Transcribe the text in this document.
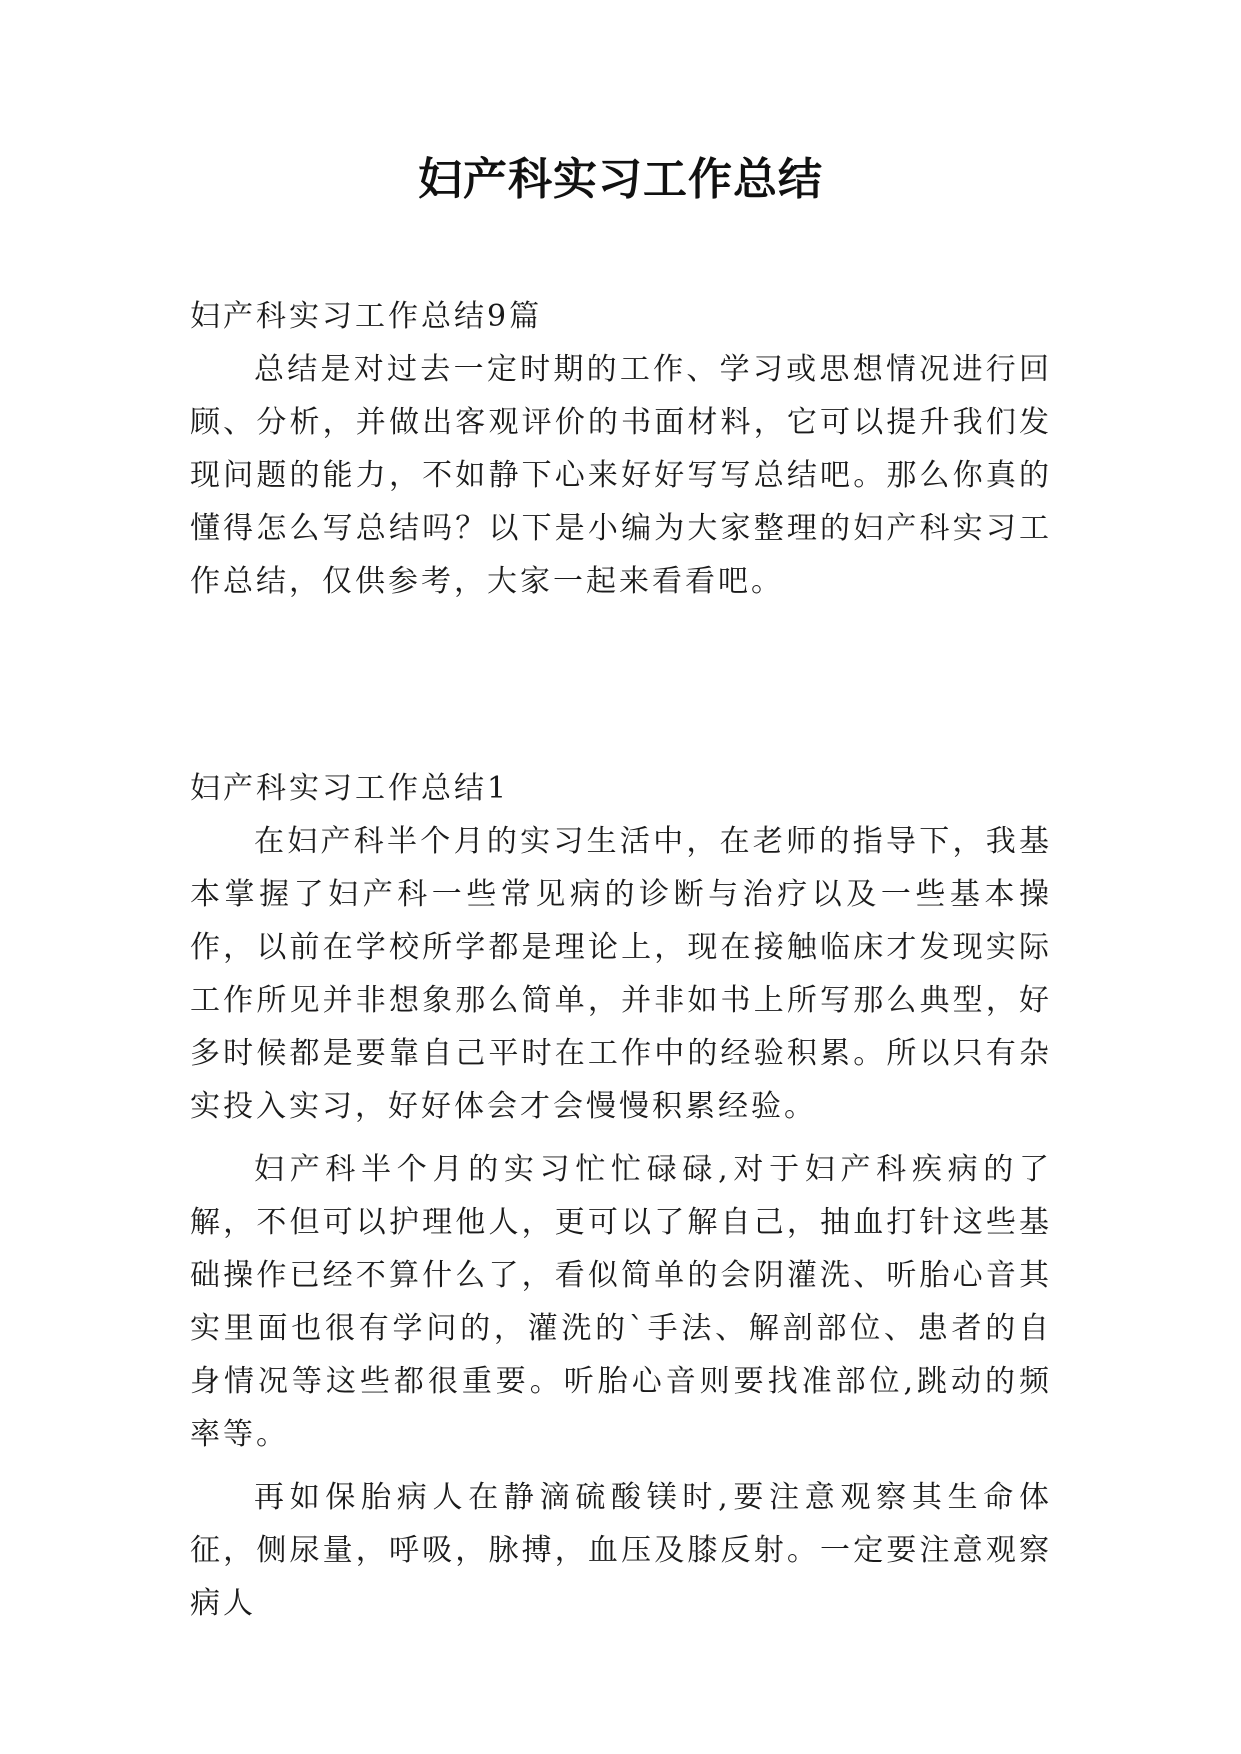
妇产科实习工作总结

妇产科实习工作总结9篇

总结是对过去一定时期的工作、学习或思想情况进行回顾、分析，并做出客观评价的书面材料，它可以提升我们发现问题的能力，不如静下心来好好写写总结吧。那么你真的懂得怎么写总结吗？以下是小编为大家整理的妇产科实习工作总结，仅供参考，大家一起来看看吧。

妇产科实习工作总结1

在妇产科半个月的实习生活中，在老师的指导下，我基本掌握了妇产科一些常见病的诊断与治疗以及一些基本操作，以前在学校所学都是理论上，现在接触临床才发现实际工作所见并非想象那么简单，并非如书上所写那么典型，好多时候都是要靠自己平时在工作中的经验积累。所以只有杂实投入实习，好好体会才会慢慢积累经验。

妇产科半个月的实习忙忙碌碌,对于妇产科疾病的了解，不但可以护理他人，更可以了解自己，抽血打针这些基础操作已经不算什么了，看似简单的会阴灌洗、听胎心音其实里面也很有学问的，灌洗的`手法、解剖部位、患者的自身情况等这些都很重要。听胎心音则要找准部位,跳动的频率等。

再如保胎病人在静滴硫酸镁时,要注意观察其生命体征，侧尿量，呼吸，脉搏，血压及膝反射。一定要注意观察病人
